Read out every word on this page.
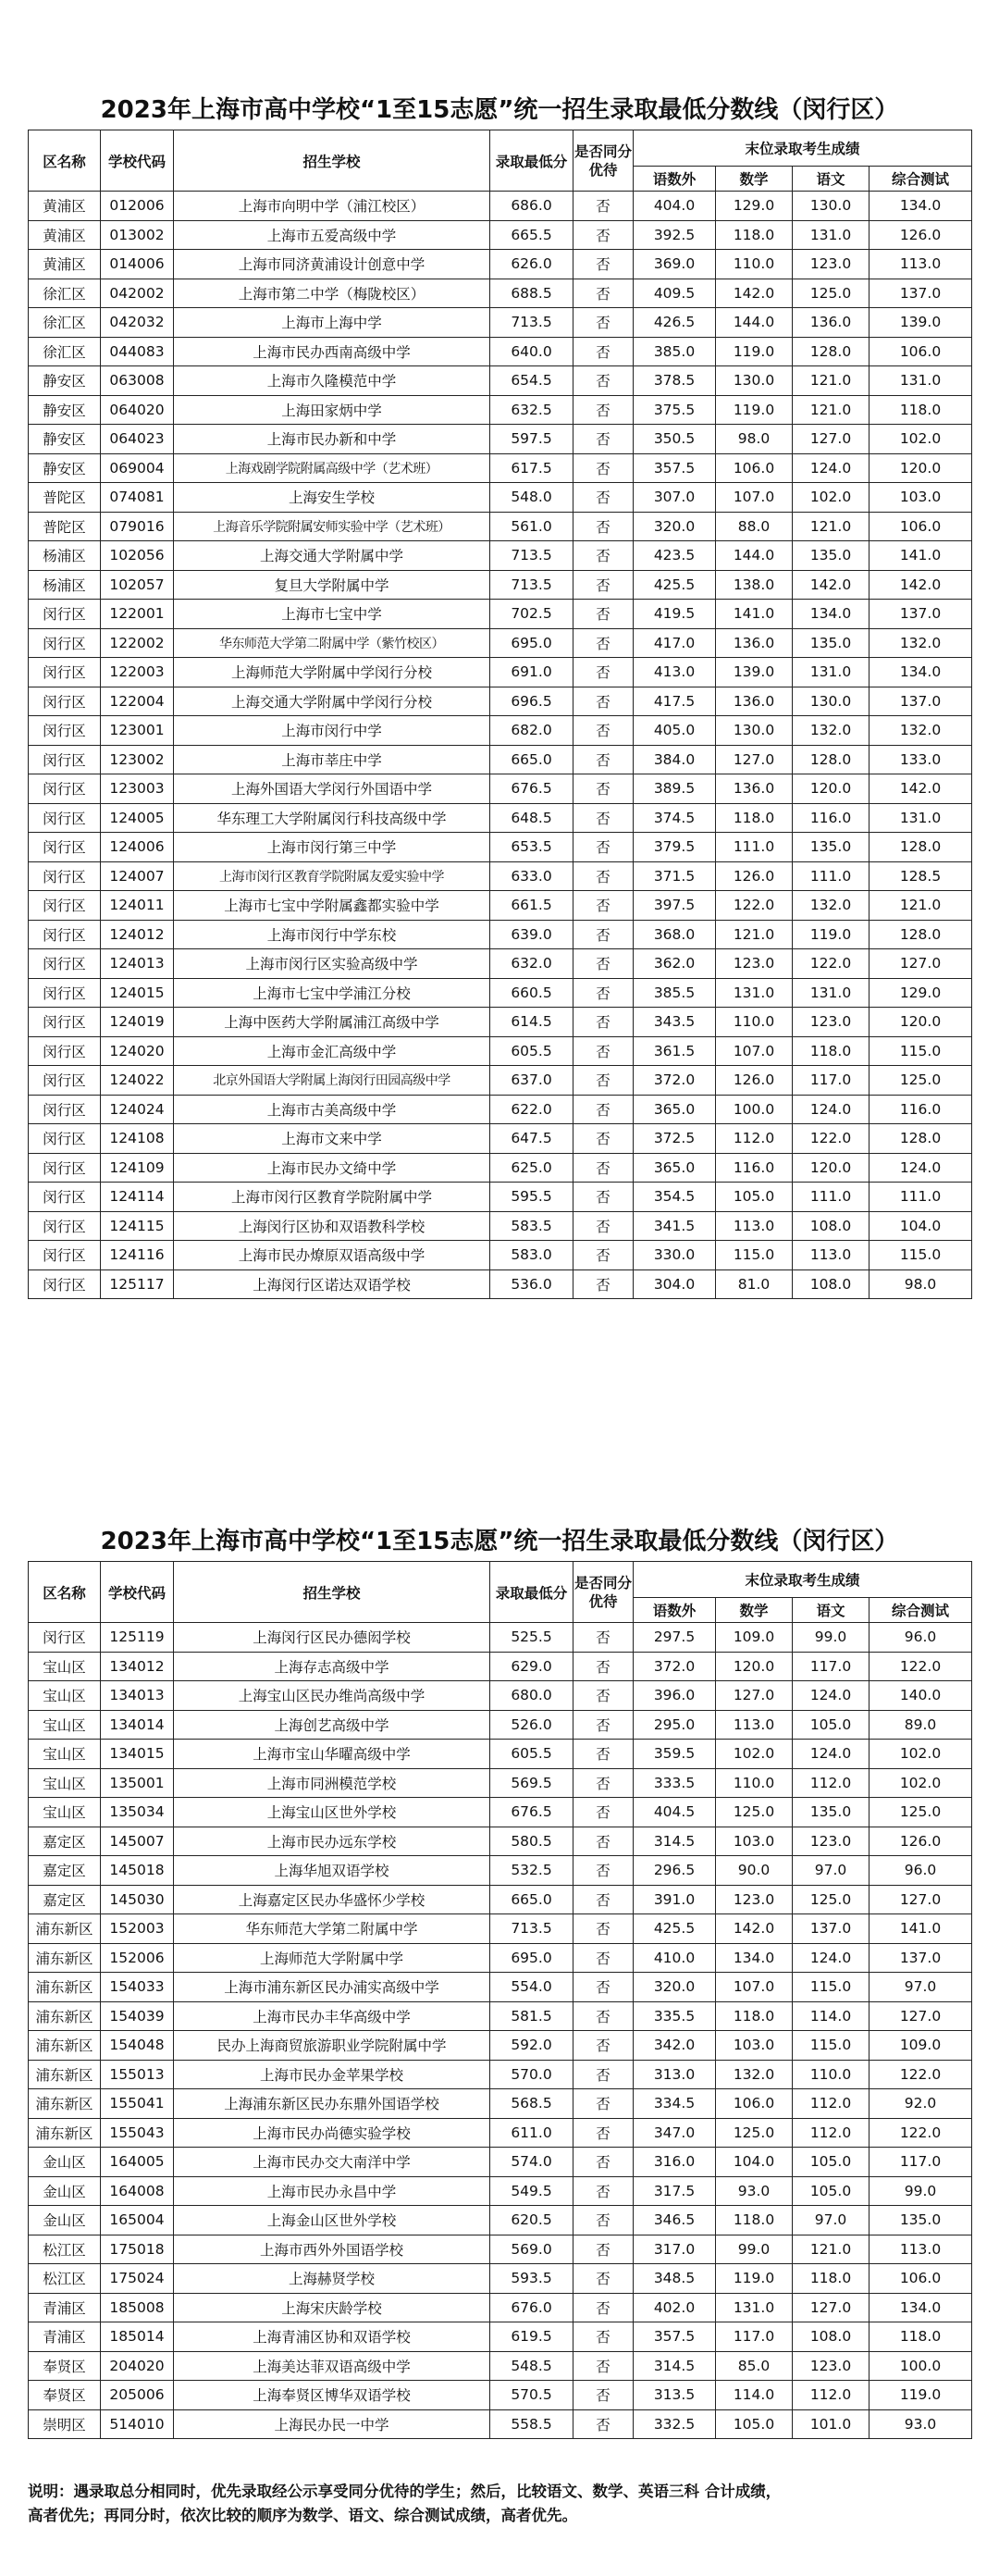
2023年上海市高中学校“1至15志愿”统一招生录取最低分数线（闵行区）
区名称	学校代码	招生学校	录取最低分	是否同分优待	末位录取考生成绩			
					语数外	数学	语文	综合测试
黄浦区	012006	上海市向明中学（浦江校区）	686.0	否	404.0	129.0	130.0	134.0
黄浦区	013002	上海市五爱高级中学	665.5	否	392.5	118.0	131.0	126.0
黄浦区	014006	上海市同济黄浦设计创意中学	626.0	否	369.0	110.0	123.0	113.0
徐汇区	042002	上海市第二中学（梅陇校区）	688.5	否	409.5	142.0	125.0	137.0
徐汇区	042032	上海市上海中学	713.5	否	426.5	144.0	136.0	139.0
徐汇区	044083	上海市民办西南高级中学	640.0	否	385.0	119.0	128.0	106.0
静安区	063008	上海市久隆模范中学	654.5	否	378.5	130.0	121.0	131.0
静安区	064020	上海田家炳中学	632.5	否	375.5	119.0	121.0	118.0
静安区	064023	上海市民办新和中学	597.5	否	350.5	98.0	127.0	102.0
静安区	069004	上海戏剧学院附属高级中学（艺术班）	617.5	否	357.5	106.0	124.0	120.0
普陀区	074081	上海安生学校	548.0	否	307.0	107.0	102.0	103.0
普陀区	079016	上海音乐学院附属安师实验中学（艺术班）	561.0	否	320.0	88.0	121.0	106.0
杨浦区	102056	上海交通大学附属中学	713.5	否	423.5	144.0	135.0	141.0
杨浦区	102057	复旦大学附属中学	713.5	否	425.5	138.0	142.0	142.0
闵行区	122001	上海市七宝中学	702.5	否	419.5	141.0	134.0	137.0
闵行区	122002	华东师范大学第二附属中学（紫竹校区）	695.0	否	417.0	136.0	135.0	132.0
闵行区	122003	上海师范大学附属中学闵行分校	691.0	否	413.0	139.0	131.0	134.0
闵行区	122004	上海交通大学附属中学闵行分校	696.5	否	417.5	136.0	130.0	137.0
闵行区	123001	上海市闵行中学	682.0	否	405.0	130.0	132.0	132.0
闵行区	123002	上海市莘庄中学	665.0	否	384.0	127.0	128.0	133.0
闵行区	123003	上海外国语大学闵行外国语中学	676.5	否	389.5	136.0	120.0	142.0
闵行区	124005	华东理工大学附属闵行科技高级中学	648.5	否	374.5	118.0	116.0	131.0
闵行区	124006	上海市闵行第三中学	653.5	否	379.5	111.0	135.0	128.0
闵行区	124007	上海市闵行区教育学院附属友爱实验中学	633.0	否	371.5	126.0	111.0	128.5
闵行区	124011	上海市七宝中学附属鑫都实验中学	661.5	否	397.5	122.0	132.0	121.0
闵行区	124012	上海市闵行中学东校	639.0	否	368.0	121.0	119.0	128.0
闵行区	124013	上海市闵行区实验高级中学	632.0	否	362.0	123.0	122.0	127.0
闵行区	124015	上海市七宝中学浦江分校	660.5	否	385.5	131.0	131.0	129.0
闵行区	124019	上海中医药大学附属浦江高级中学	614.5	否	343.5	110.0	123.0	120.0
闵行区	124020	上海市金汇高级中学	605.5	否	361.5	107.0	118.0	115.0
闵行区	124022	北京外国语大学附属上海闵行田园高级中学	637.0	否	372.0	126.0	117.0	125.0
闵行区	124024	上海市古美高级中学	622.0	否	365.0	100.0	124.0	116.0
闵行区	124108	上海市文来中学	647.5	否	372.5	112.0	122.0	128.0
闵行区	124109	上海市民办文绮中学	625.0	否	365.0	116.0	120.0	124.0
闵行区	124114	上海市闵行区教育学院附属中学	595.5	否	354.5	105.0	111.0	111.0
闵行区	124115	上海闵行区协和双语教科学校	583.5	否	341.5	113.0	108.0	104.0
闵行区	124116	上海市民办燎原双语高级中学	583.0	否	330.0	115.0	113.0	115.0
闵行区	125117	上海闵行区诺达双语学校	536.0	否	304.0	81.0	108.0	98.0
2023年上海市高中学校“1至15志愿”统一招生录取最低分数线（闵行区）
区名称	学校代码	招生学校	录取最低分	是否同分优待	末位录取考生成绩			
					语数外	数学	语文	综合测试
闵行区	125119	上海闵行区民办德闳学校	525.5	否	297.5	109.0	99.0	96.0
宝山区	134012	上海存志高级中学	629.0	否	372.0	120.0	117.0	122.0
宝山区	134013	上海宝山区民办维尚高级中学	680.0	否	396.0	127.0	124.0	140.0
宝山区	134014	上海创艺高级中学	526.0	否	295.0	113.0	105.0	89.0
宝山区	134015	上海市宝山华曜高级中学	605.5	否	359.5	102.0	124.0	102.0
宝山区	135001	上海市同洲模范学校	569.5	否	333.5	110.0	112.0	102.0
宝山区	135034	上海宝山区世外学校	676.5	否	404.5	125.0	135.0	125.0
嘉定区	145007	上海市民办远东学校	580.5	否	314.5	103.0	123.0	126.0
嘉定区	145018	上海华旭双语学校	532.5	否	296.5	90.0	97.0	96.0
嘉定区	145030	上海嘉定区民办华盛怀少学校	665.0	否	391.0	123.0	125.0	127.0
浦东新区	152003	华东师范大学第二附属中学	713.5	否	425.5	142.0	137.0	141.0
浦东新区	152006	上海师范大学附属中学	695.0	否	410.0	134.0	124.0	137.0
浦东新区	154033	上海市浦东新区民办浦实高级中学	554.0	否	320.0	107.0	115.0	97.0
浦东新区	154039	上海市民办丰华高级中学	581.5	否	335.5	118.0	114.0	127.0
浦东新区	154048	民办上海商贸旅游职业学院附属中学	592.0	否	342.0	103.0	115.0	109.0
浦东新区	155013	上海市民办金苹果学校	570.0	否	313.0	132.0	110.0	122.0
浦东新区	155041	上海浦东新区民办东鼎外国语学校	568.5	否	334.5	106.0	112.0	92.0
浦东新区	155043	上海市民办尚德实验学校	611.0	否	347.0	125.0	112.0	122.0
金山区	164005	上海市民办交大南洋中学	574.0	否	316.0	104.0	105.0	117.0
金山区	164008	上海市民办永昌中学	549.5	否	317.5	93.0	105.0	99.0
金山区	165004	上海金山区世外学校	620.5	否	346.5	118.0	97.0	135.0
松江区	175018	上海市西外外国语学校	569.0	否	317.0	99.0	121.0	113.0
松江区	175024	上海赫贤学校	593.5	否	348.5	119.0	118.0	106.0
青浦区	185008	上海宋庆龄学校	676.0	否	402.0	131.0	127.0	134.0
青浦区	185014	上海青浦区协和双语学校	619.5	否	357.5	117.0	108.0	118.0
奉贤区	204020	上海美达菲双语高级中学	548.5	否	314.5	85.0	123.0	100.0
奉贤区	205006	上海奉贤区博华双语学校	570.5	否	313.5	114.0	112.0	119.0
崇明区	514010	上海民办民一中学	558.5	否	332.5	105.0	101.0	93.0
说明：遇录取总分相同时，优先录取经公示享受同分优待的学生；然后，比较语文、数学、英语三科 合计成绩，
高者优先；再同分时，依次比较的顺序为数学、语文、综合测试成绩，高者优先。
